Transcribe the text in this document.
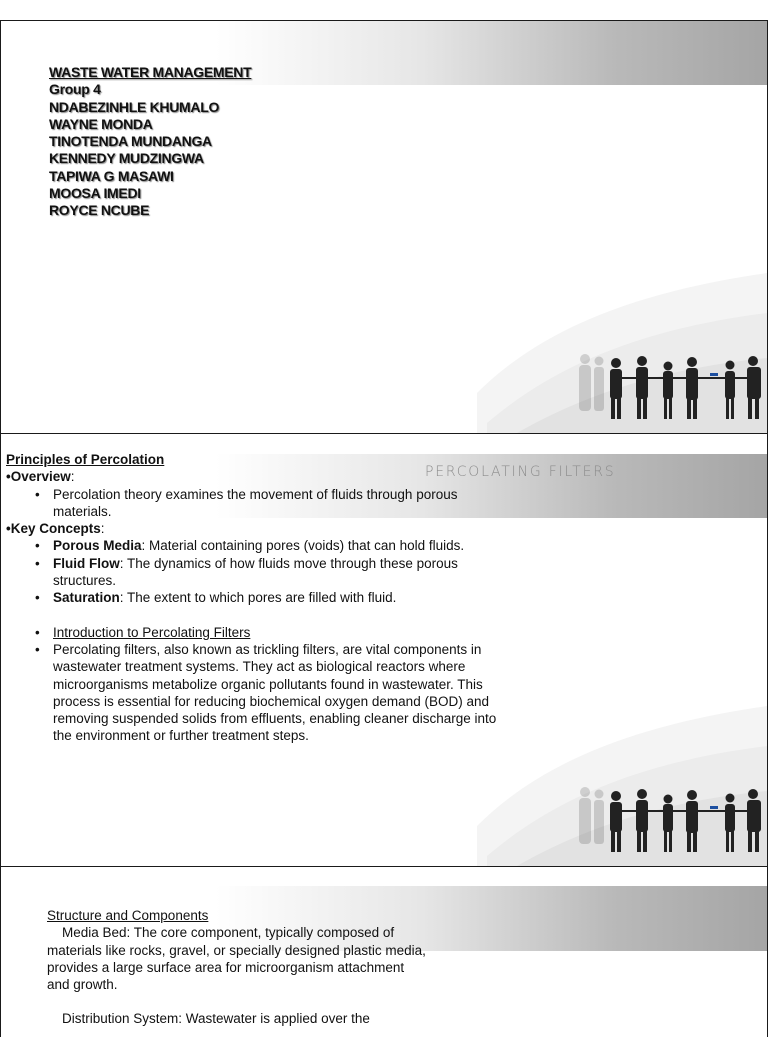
WASTE WATER MANAGEMENT
Group 4
NDABEZINHLE KHUMALO
WAYNE MONDA
TINOTENDA MUNDANGA
KENNEDY MUDZINGWA
TAPIWA G MASAWI
MOOSA IMEDI
ROYCE NCUBE
PERCOLATING FILTERS

Principles of Percolation

•Overview:

• Percolation theory examines the movement of fluids through porous materials.

•Key Concepts:

• Porous Media: Material containing pores (voids) that can hold fluids.

• Fluid Flow: The dynamics of how fluids move through these porous structures.

• Saturation: The extent to which pores are filled with fluid.

• Introduction to Percolating Filters

• Percolating filters, also known as trickling filters, are vital components in wastewater treatment systems. They act as biological reactors where microorganisms metabolize organic pollutants found in wastewater. This process is essential for reducing biochemical oxygen demand (BOD) and removing suspended solids from effluents, enabling cleaner discharge into the environment or further treatment steps.

Structure and Components

Media Bed: The core component, typically composed of materials like rocks, gravel, or specially designed plastic media, provides a large surface area for microorganism attachment and growth.

Distribution System: Wastewater is applied over the
